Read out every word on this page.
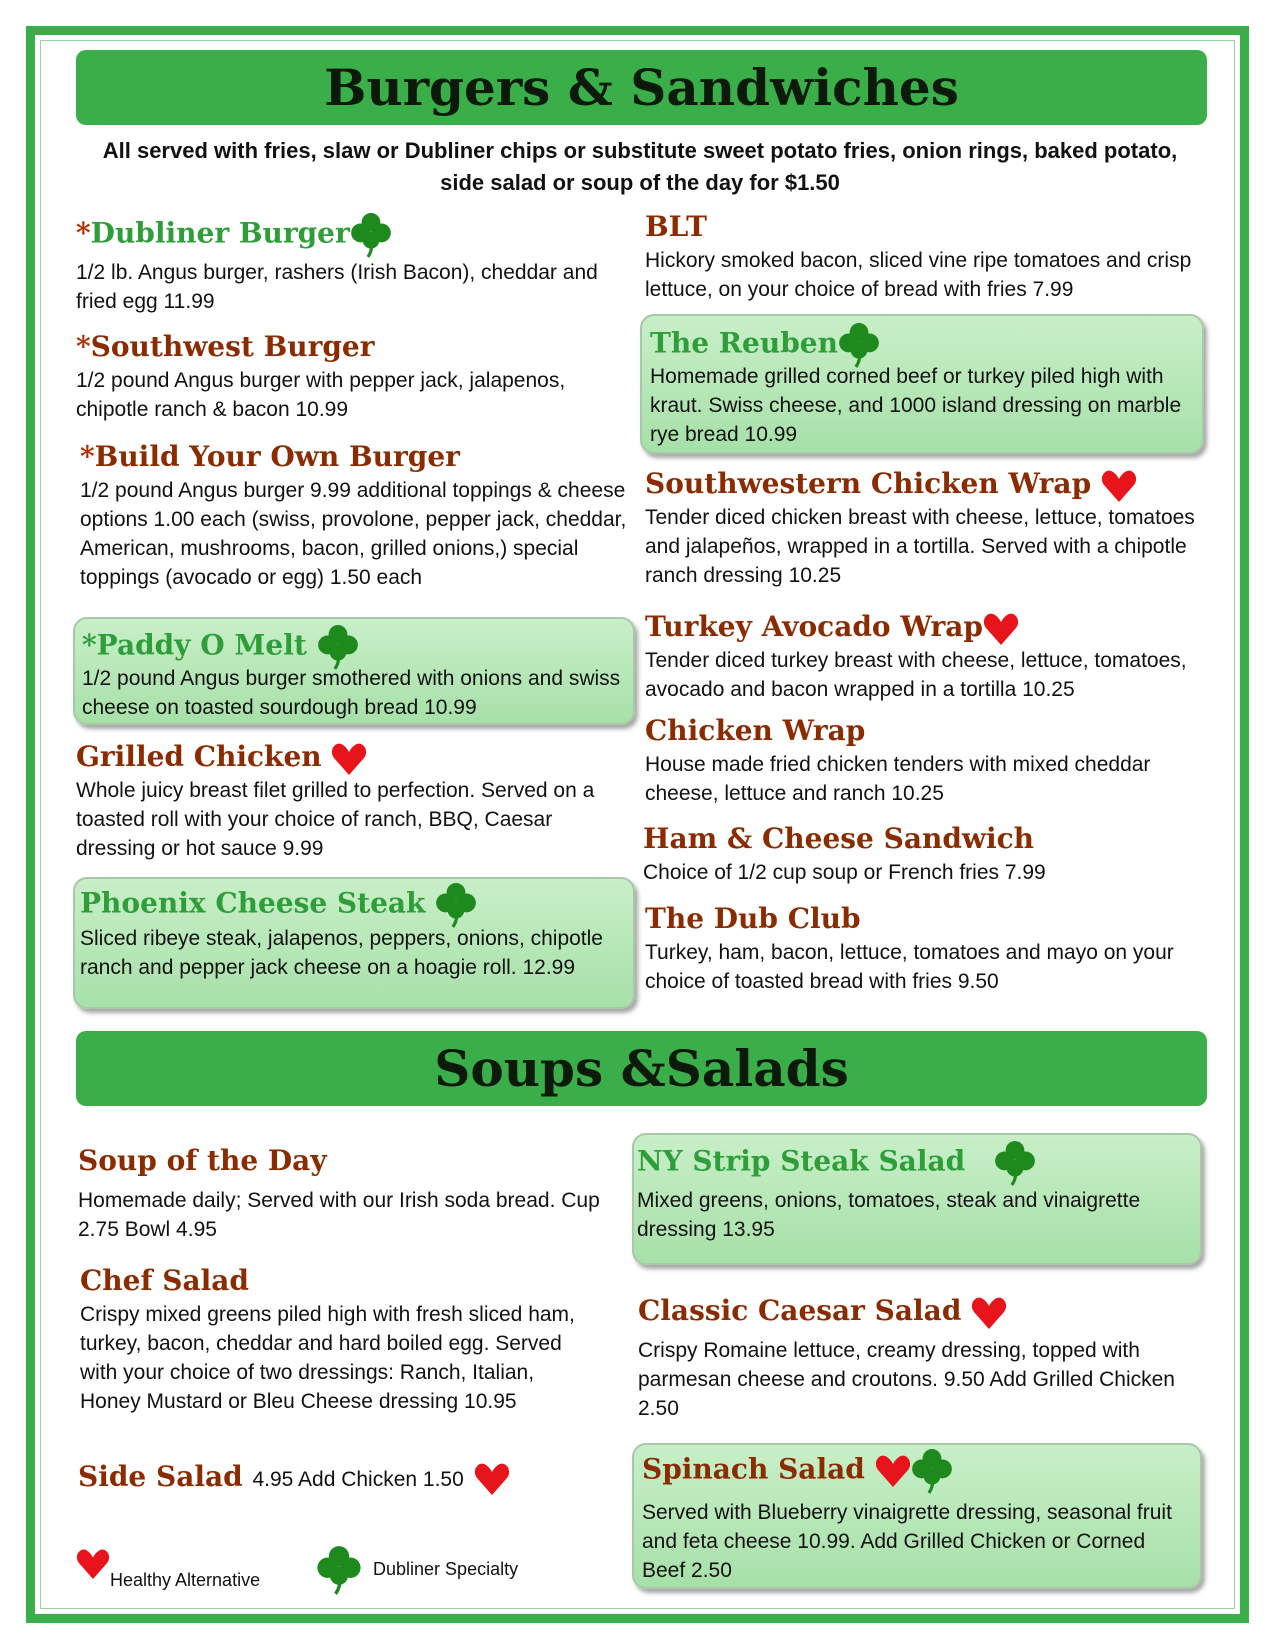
Burgers & Sandwiches
All served with fries, slaw or Dubliner chips or substitute sweet potato fries, onion rings, baked potato, side salad or soup of the day for $1.50
*Dubliner Burger
1/2 lb. Angus burger, rashers (Irish Bacon), cheddar and fried egg 11.99
*Southwest Burger
1/2 pound Angus burger with pepper jack, jalapenos, chipotle ranch & bacon 10.99
*Build Your Own Burger
1/2 pound Angus burger 9.99 additional toppings & cheese options 1.00 each (swiss, provolone, pepper jack, cheddar, American, mushrooms, bacon, grilled onions,) special toppings (avocado or egg) 1.50 each
*Paddy O Melt
1/2 pound Angus burger smothered with onions and swiss cheese on toasted sourdough bread 10.99
Grilled Chicken
Whole juicy breast filet grilled to perfection. Served on a toasted roll with your choice of ranch, BBQ, Caesar dressing or hot sauce 9.99
Phoenix Cheese Steak
Sliced ribeye steak, jalapenos, peppers, onions, chipotle ranch and pepper jack cheese on a hoagie roll. 12.99
BLT
Hickory smoked bacon, sliced vine ripe tomatoes and crisp lettuce, on your choice of bread with fries 7.99
The Reuben
Homemade grilled corned beef or turkey piled high with kraut. Swiss cheese, and 1000 island dressing on marble rye bread 10.99
Southwestern Chicken Wrap
Tender diced chicken breast with cheese, lettuce, tomatoes and jalapeños, wrapped in a tortilla. Served with a chipotle ranch dressing 10.25
Turkey Avocado Wrap
Tender diced turkey breast with cheese, lettuce, tomatoes, avocado and bacon wrapped in a tortilla 10.25
Chicken Wrap
House made fried chicken tenders with mixed cheddar cheese, lettuce and ranch 10.25
Ham & Cheese Sandwich
Choice of 1/2 cup soup or French fries 7.99
The Dub Club
Turkey, ham, bacon, lettuce, tomatoes and mayo on your choice of toasted bread with fries 9.50
Soups &Salads
Soup of the Day
Homemade daily; Served with our Irish soda bread. Cup 2.75 Bowl 4.95
Chef Salad
Crispy mixed greens piled high with fresh sliced ham, turkey, bacon, cheddar and hard boiled egg. Served with your choice of two dressings: Ranch, Italian, Honey Mustard or Bleu Cheese dressing 10.95
Side Salad 4.95 Add Chicken 1.50
NY Strip Steak Salad
Mixed greens, onions, tomatoes, steak and vinaigrette dressing 13.95
Classic Caesar Salad
Crispy Romaine lettuce, creamy dressing, topped with parmesan cheese and croutons. 9.50 Add Grilled Chicken 2.50
Spinach Salad
Served with Blueberry vinaigrette dressing, seasonal fruit and feta cheese 10.99. Add Grilled Chicken or Corned Beef 2.50
Healthy Alternative
Dubliner Specialty
